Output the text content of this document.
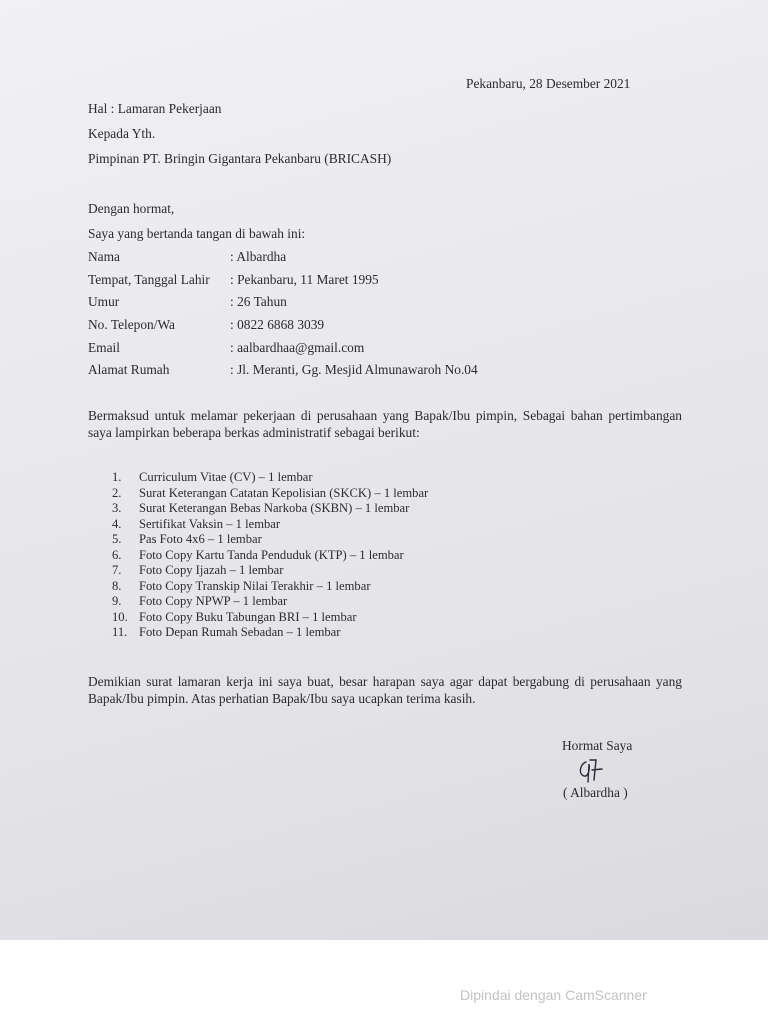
Pekanbaru, 28 Desember 2021
Hal : Lamaran Pekerjaan
Kepada Yth.
Pimpinan PT. Bringin Gigantara Pekanbaru (BRICASH)
Dengan hormat,
Saya yang bertanda tangan di bawah ini:
Nama	: Albardha
Tempat, Tanggal Lahir : Pekanbaru, 11 Maret 1995
Umur	: 26 Tahun
No. Telepon/Wa	: 0822 6868 3039
Email	: aalbardhaa@gmail.com
Alamat Rumah	: Jl. Meranti, Gg. Mesjid Almunawaroh No.04
Bermaksud untuk melamar pekerjaan di perusahaan yang Bapak/Ibu pimpin, Sebagai bahan pertimbangan saya lampirkan beberapa berkas administratif sebagai berikut:
1. Curriculum Vitae (CV) – 1 lembar
2. Surat Keterangan Catatan Kepolisian (SKCK) – 1 lembar
3. Surat Keterangan Bebas Narkoba (SKBN) – 1 lembar
4. Sertifikat Vaksin – 1 lembar
5. Pas Foto 4x6 – 1 lembar
6. Foto Copy Kartu Tanda Penduduk (KTP) – 1 lembar
7. Foto Copy Ijazah – 1 lembar
8. Foto Copy Transkip Nilai Terakhir – 1 lembar
9. Foto Copy NPWP – 1 lembar
10. Foto Copy Buku Tabungan BRI – 1 lembar
11. Foto Depan Rumah Sebadan – 1 lembar
Demikian surat lamaran kerja ini saya buat, besar harapan saya agar dapat bergabung di perusahaan yang Bapak/Ibu pimpin. Atas perhatian Bapak/Ibu saya ucapkan terima kasih.
Hormat Saya
( Albardha )
Dipindai dengan CamScanner
